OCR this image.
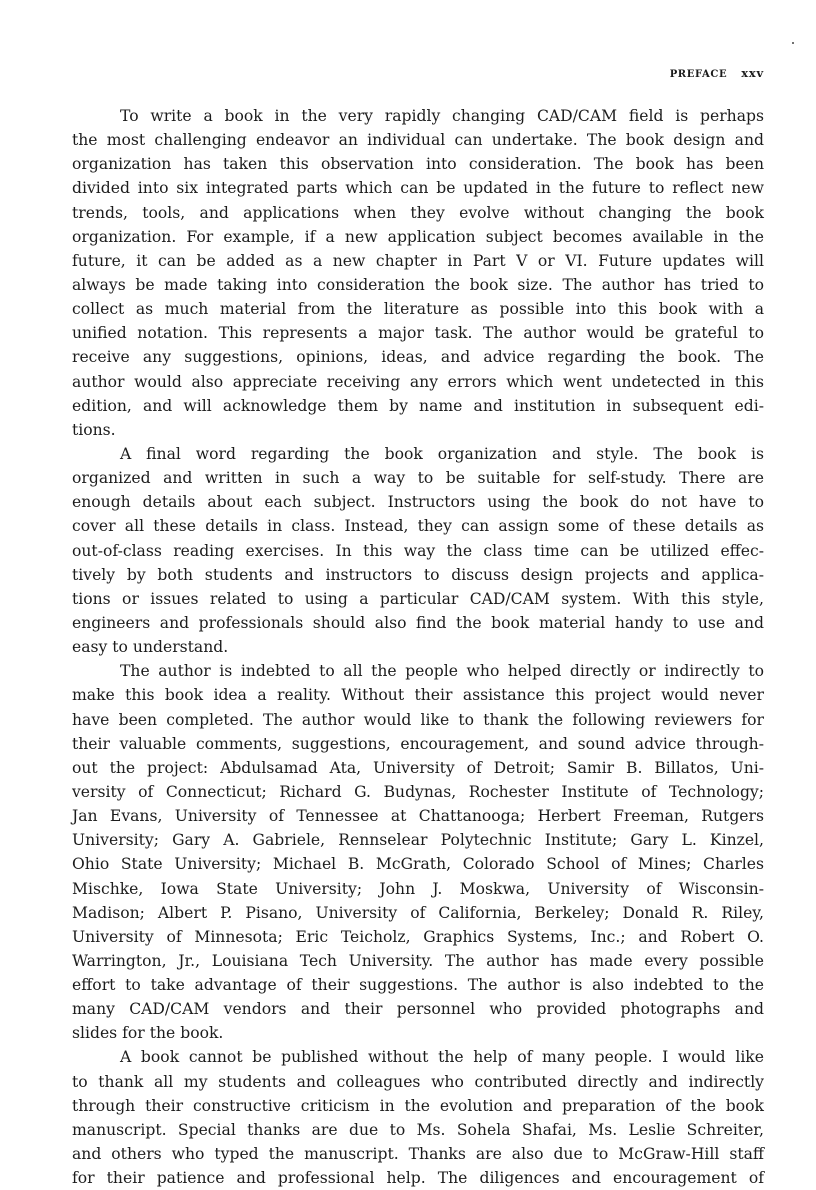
PREFACE xxv
To write a book in the very rapidly changing CAD/CAM field is perhaps
the most challenging endeavor an individual can undertake. The book design and
organization has taken this observation into consideration. The book has been
divided into six integrated parts which can be updated in the future to reflect new
trends, tools, and applications when they evolve without changing the book
organization. For example, if a new application subject becomes available in the
future, it can be added as a new chapter in Part V or VI. Future updates will
always be made taking into consideration the book size. The author has tried to
collect as much material from the literature as possible into this book with a
unified notation. This represents a major task. The author would be grateful to
receive any suggestions, opinions, ideas, and advice regarding the book. The
author would also appreciate receiving any errors which went undetected in this
edition, and will acknowledge them by name and institution in subsequent edi-
tions.
A final word regarding the book organization and style. The book is
organized and written in such a way to be suitable for self-study. There are
enough details about each subject. Instructors using the book do not have to
cover all these details in class. Instead, they can assign some of these details as
out-of-class reading exercises. In this way the class time can be utilized effec-
tively by both students and instructors to discuss design projects and applica-
tions or issues related to using a particular CAD/CAM system. With this style,
engineers and professionals should also find the book material handy to use and
easy to understand.
The author is indebted to all the people who helped directly or indirectly to
make this book idea a reality. Without their assistance this project would never
have been completed. The author would like to thank the following reviewers for
their valuable comments, suggestions, encouragement, and sound advice through-
out the project: Abdulsamad Ata, University of Detroit; Samir B. Billatos, Uni-
versity of Connecticut; Richard G. Budynas, Rochester Institute of Technology;
Jan Evans, University of Tennessee at Chattanooga; Herbert Freeman, Rutgers
University; Gary A. Gabriele, Rennselear Polytechnic Institute; Gary L. Kinzel,
Ohio State University; Michael B. McGrath, Colorado School of Mines; Charles
Mischke, Iowa State University; John J. Moskwa, University of Wisconsin-
Madison; Albert P. Pisano, University of California, Berkeley; Donald R. Riley,
University of Minnesota; Eric Teicholz, Graphics Systems, Inc.; and Robert O.
Warrington, Jr., Louisiana Tech University. The author has made every possible
effort to take advantage of their suggestions. The author is also indebted to the
many CAD/CAM vendors and their personnel who provided photographs and
slides for the book.
A book cannot be published without the help of many people. I would like
to thank all my students and colleagues who contributed directly and indirectly
through their constructive criticism in the evolution and preparation of the book
manuscript. Special thanks are due to Ms. Sohela Shafai, Ms. Leslie Schreiter,
and others who typed the manuscript. Thanks are also due to McGraw-Hill staff
for their patience and professional help. The diligences and encouragement of
